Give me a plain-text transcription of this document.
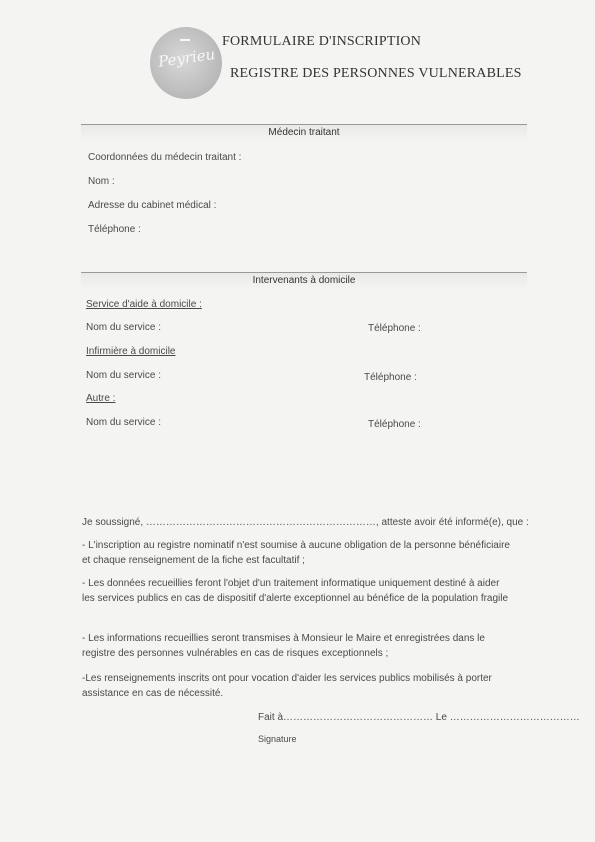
Peyrieu
FORMULAIRE D'INSCRIPTION
REGISTRE DES PERSONNES VULNERABLES
Médecin traitant
Coordonnées du médecin traitant :
Nom :
Adresse du cabinet médical :
Téléphone :
Intervenants à domicile
Service d'aide à domicile :
Nom du service :	Téléphone :
Infirmière à domicile
Nom du service :	Téléphone :
Autre :
Nom du service :	Téléphone :
Je soussigné, ……………………………………………………………, atteste avoir été informé(e), que :
- L'inscription au registre nominatif n'est soumise à aucune obligation de la personne bénéficiaire et chaque renseignement de la fiche est facultatif ;
- Les données recueillies feront l'objet d'un traitement informatique uniquement destiné à aider les services publics en cas de dispositif d'alerte exceptionnel au bénéfice de la population fragile
- Les informations recueillies seront transmises à Monsieur le Maire et enregistrées dans le registre des personnes vulnérables en cas de risques exceptionnels ;
-Les renseignements inscrits ont pour vocation d'aider les services publics mobilisés à porter assistance en cas de nécessité.
Fait à……………………………………… Le …………………………………
Signature
